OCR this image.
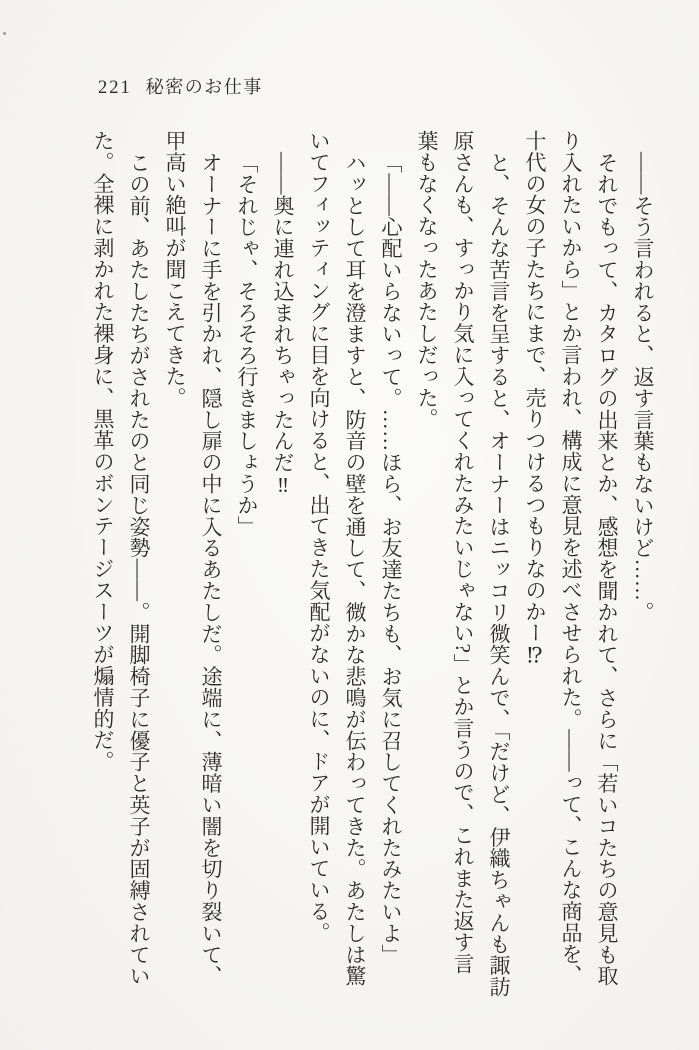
221 秘密のお仕事
――そう言われると、返す言葉もないけど……。
それでもって、カタログの出来とか、感想を聞かれて、さらに「若いコたちの意見も取
り入れたいから」とか言われ、構成に意見を述べさせられた。――って、こんな商品を、
十代の女の子たちにまで、売りつけるつもりなのかー⁉
と、そんな苦言を呈すると、オーナーはニッコリ微笑んで、「だけど、伊織ちゃんも諏訪
原さんも、すっかり気に入ってくれたみたいじゃない?」とか言うので、これまた返す言
葉もなくなったあたしだった。
「――心配いらないって。……ほら、お友達たちも、お気に召してくれたみたいよ」
ハッとして耳を澄ますと、防音の壁を通して、微かな悲鳴が伝わってきた。あたしは驚
いてフィッティングに目を向けると、出てきた気配がないのに、ドアが開いている。
――奥に連れ込まれちゃったんだ‼
「それじゃ、そろそろ行きましょうか」
オーナーに手を引かれ、隠し扉の中に入るあたしだ。途端に、薄暗い闇を切り裂いて、
甲高い絶叫が聞こえてきた。
この前、あたしたちがされたのと同じ姿勢――。開脚椅子に優子と英子が固縛されてい
た。全裸に剥かれた裸身に、黒革のボンテージスーツが煽情的だ。
